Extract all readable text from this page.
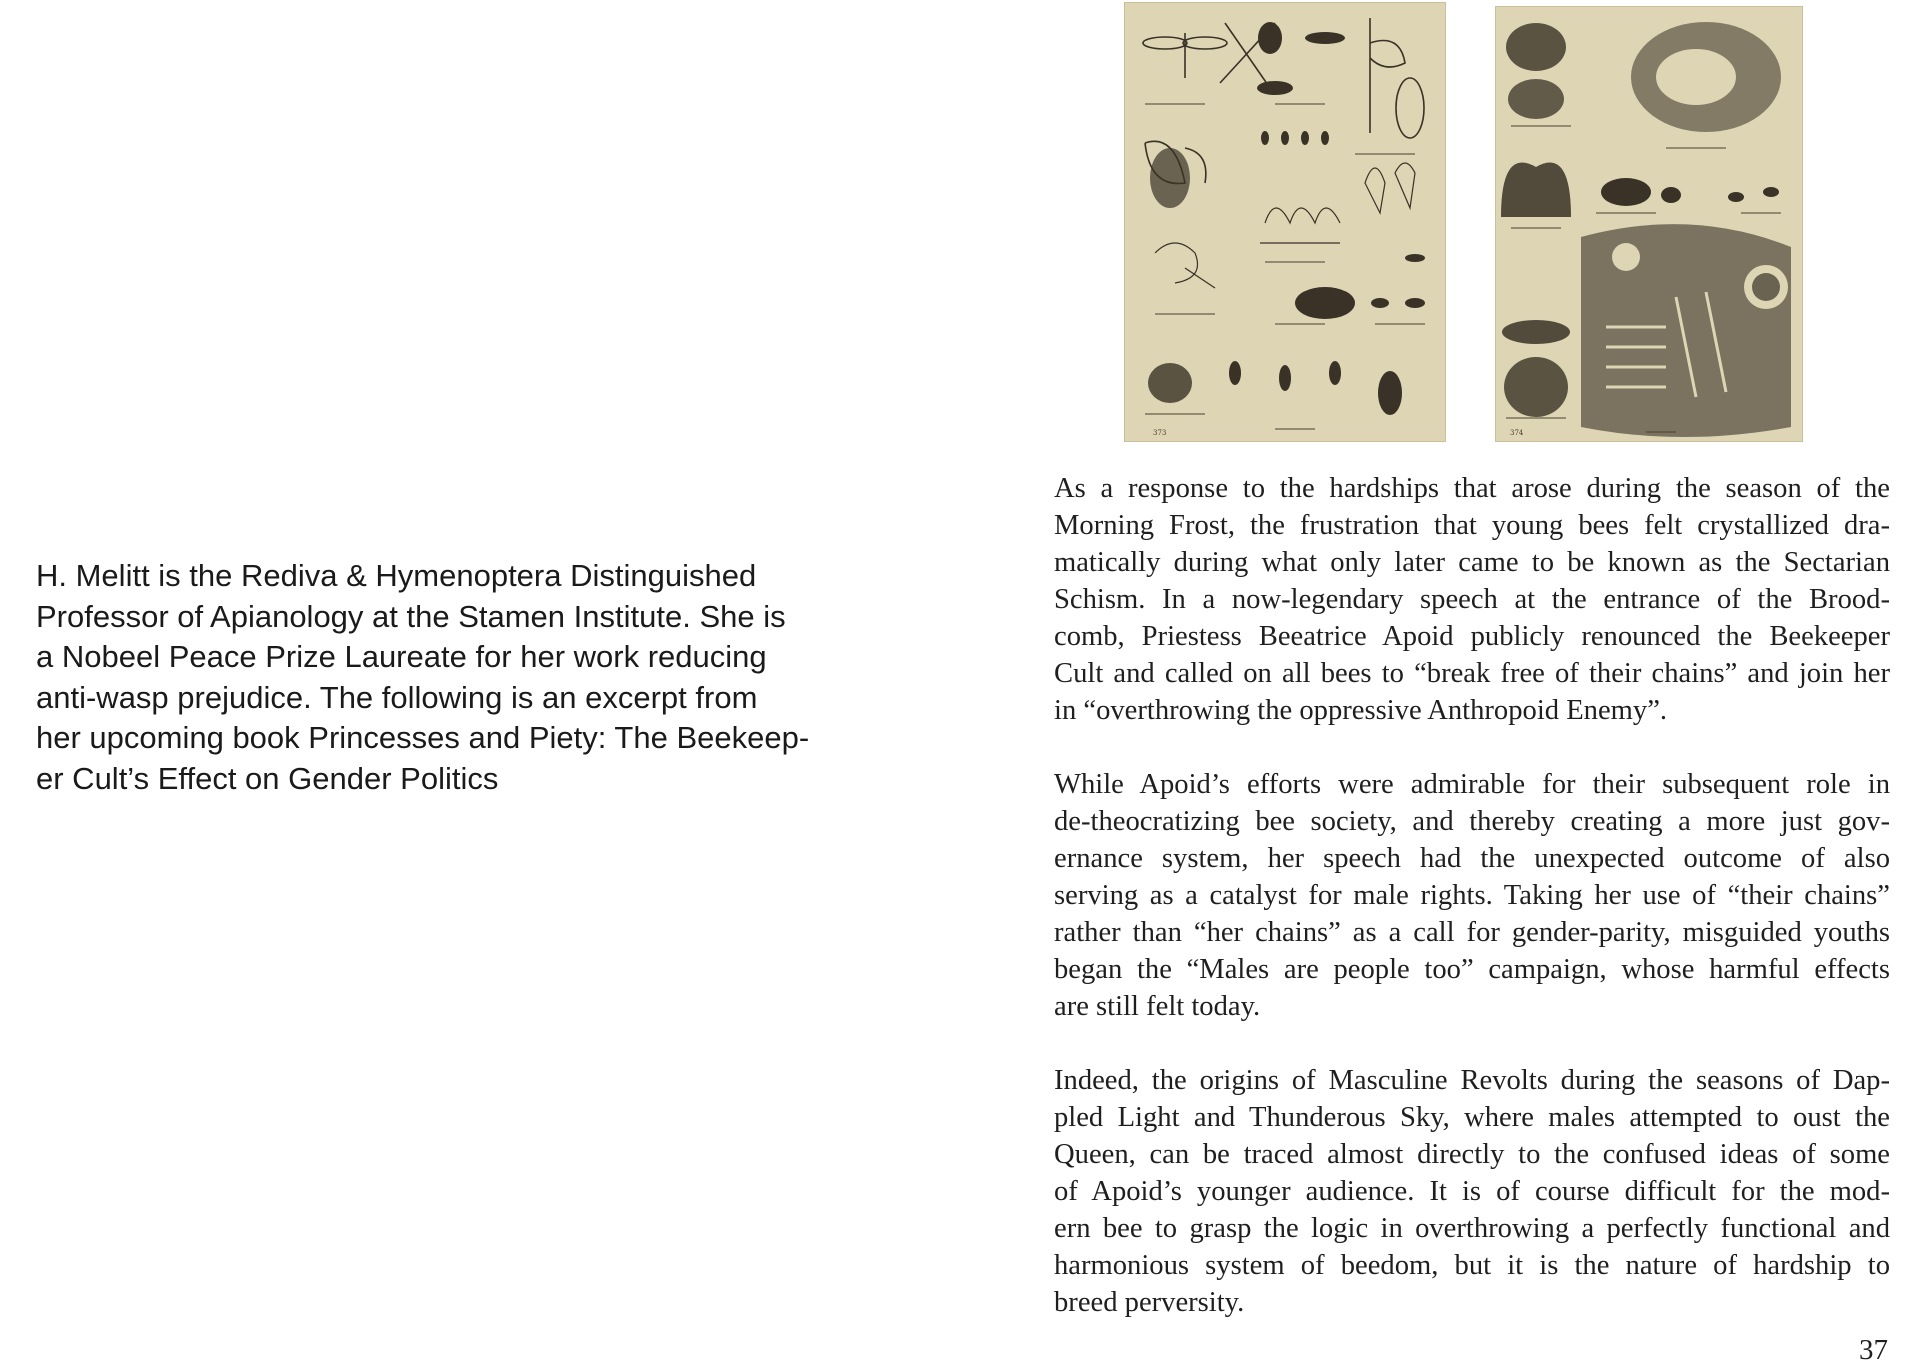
H. Melitt is the Rediva & Hymenoptera Distinguished
Professor of Apianology at the Stamen Institute. She is
a Nobeel Peace Prize Laureate for her work reducing
anti-wasp prejudice. The following is an excerpt from
her upcoming book Princesses and Piety: The Beekeep-
er Cult’s Effect on Gender Politics
373	374
As a response to the hardships that arose during the season of the
Morning Frost, the frustration that young bees felt crystallized dra-
matically during what only later came to be known as the Sectarian
Schism. In a now-legendary speech at the entrance of the Brood-
comb, Priestess Beeatrice Apoid publicly renounced the Beekeeper
Cult and called on all bees to “break free of their chains” and join her
in “overthrowing the oppressive Anthropoid Enemy”.
While Apoid’s efforts were admirable for their subsequent role in
de-theocratizing bee society, and thereby creating a more just gov-
ernance system, her speech had the unexpected outcome of also
serving as a catalyst for male rights. Taking her use of “their chains”
rather than “her chains” as a call for gender-parity, misguided youths
began the “Males are people too” campaign, whose harmful effects
are still felt today.
Indeed, the origins of Masculine Revolts during the seasons of Dap-
pled Light and Thunderous Sky, where males attempted to oust the
Queen, can be traced almost directly to the confused ideas of some
of Apoid’s younger audience. It is of course difficult for the mod-
ern bee to grasp the logic in overthrowing a perfectly functional and
harmonious system of beedom, but it is the nature of hardship to
breed perversity.
37
